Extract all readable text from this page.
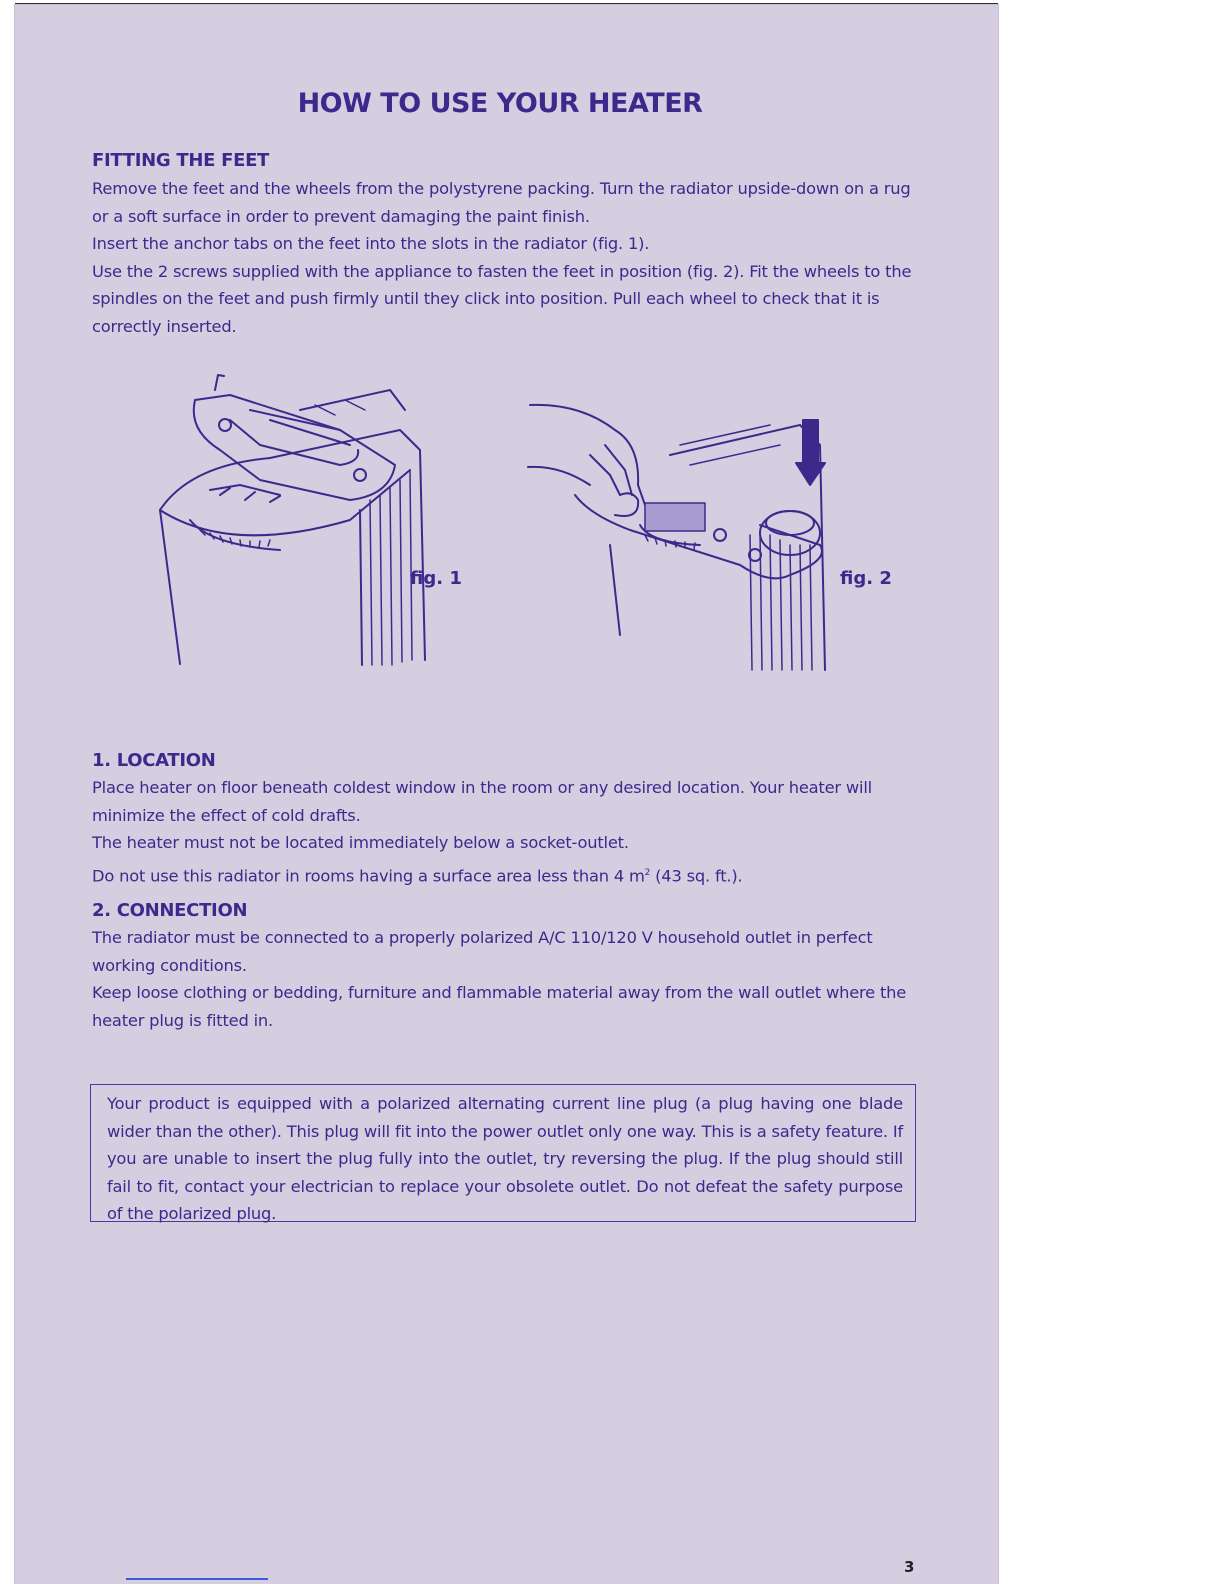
HOW TO USE YOUR HEATER
FITTING THE FEET

Remove the feet and the wheels from the polystyrene packing. Turn the radiator upside-down on a rug or a soft surface in order to prevent damaging the paint finish.

Insert the anchor tabs on the feet into the slots in the radiator (fig. 1).

Use the 2 screws supplied with the appliance to fasten the feet in position (fig. 2). Fit the wheels to the spindles on the feet and push firmly until they click into position. Pull each wheel to check that it is correctly inserted.

fig. 1	fig. 2
1. LOCATION

Place heater on floor beneath coldest window in the room or any desired location. Your heater will minimize the effect of cold drafts.

The heater must not be located immediately below a socket-outlet.

Do not use this radiator in rooms having a surface area less than 4 $m^2$ (43 sq. ft.).

2. CONNECTION

The radiator must be connected to a properly polarized A/C 110/120 V household outlet in perfect working conditions.

Keep loose clothing or bedding, furniture and flammable material away from the wall outlet where the heater plug is fitted in.

Your product is equipped with a polarized alternating current line plug (a plug having one blade wider than the other). This plug will fit into the power outlet only one way. This is a safety feature. If you are unable to insert the plug fully into the outlet, try reversing the plug. If the plug should still fail to fit, contact your electrician to replace your obsolete outlet. Do not defeat the safety purpose of the polarized plug.
3
